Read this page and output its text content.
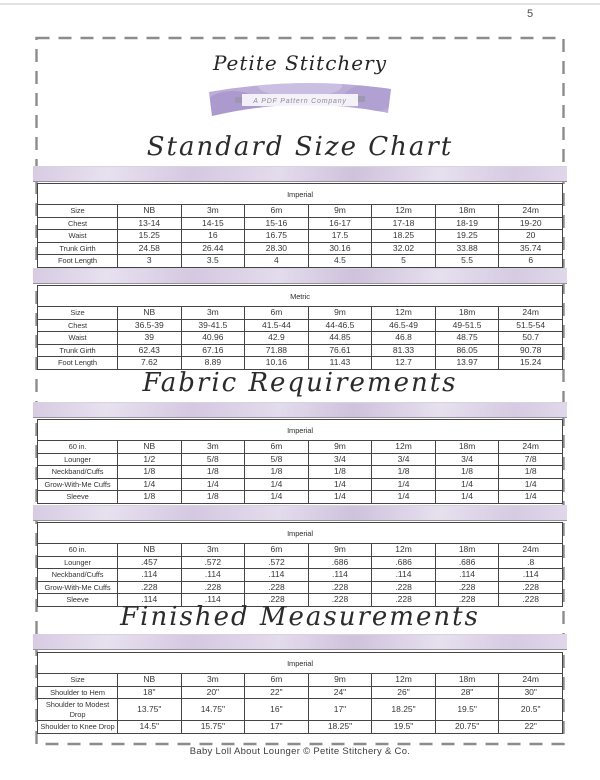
5
A PDF Pattern Company
Petite Stitchery
Standard Size Chart
Imperial							
Size	NB	3m	6m	9m	12m	18m	24m
Chest	13-14	14-15	15-16	16-17	17-18	18-19	19-20
Waist	15.25	16	16.75	17.5	18.25	19.25	20
Trunk Girth	24.58	26.44	28.30	30.16	32.02	33.88	35.74
Foot Length	3	3.5	4	4.5	5	5.5	6
Metric							
Size	NB	3m	6m	9m	12m	18m	24m
Chest	36.5-39	39-41.5	41.5-44	44-46.5	46.5-49	49-51.5	51.5-54
Waist	39	40.96	42.9	44.85	46.8	48.75	50.7
Trunk Girth	62.43	67.16	71.88	76.61	81.33	86.05	90.78
Foot Length	7.62	8.89	10.16	11.43	12.7	13.97	15.24
Fabric Requirements
Imperial							
60 in.	NB	3m	6m	9m	12m	18m	24m
Lounger	1/2	5/8	5/8	3/4	3/4	3/4	7/8
Neckband/Cuffs	1/8	1/8	1/8	1/8	1/8	1/8	1/8
Grow-With-Me Cuffs	1/4	1/4	1/4	1/4	1/4	1/4	1/4
Sleeve	1/8	1/8	1/4	1/4	1/4	1/4	1/4
Imperial							
60 in.	NB	3m	6m	9m	12m	18m	24m
Lounger	.457	.572	.572	.686	.686	.686	.8
Neckband/Cuffs	.114	.114	.114	.114	.114	.114	.114
Grow-With-Me Cuffs	.228	.228	.228	.228	.228	.228	.228
Sleeve	.114	.114	.228	.228	.228	.228	.228
Finished Measurements
Imperial							
Size	NB	3m	6m	9m	12m	18m	24m
Shoulder to Hem	18"	20"	22"	24"	26"	28"	30"
Shoulder to Modest Drop	13.75"	14.75"	16"	17"	18.25"	19.5"	20.5"
Shoulder to Knee Drop	14.5"	15.75"	17"	18.25"	19.5"	20.75"	22"
Baby Loll About Lounger © Petite Stitchery & Co.
